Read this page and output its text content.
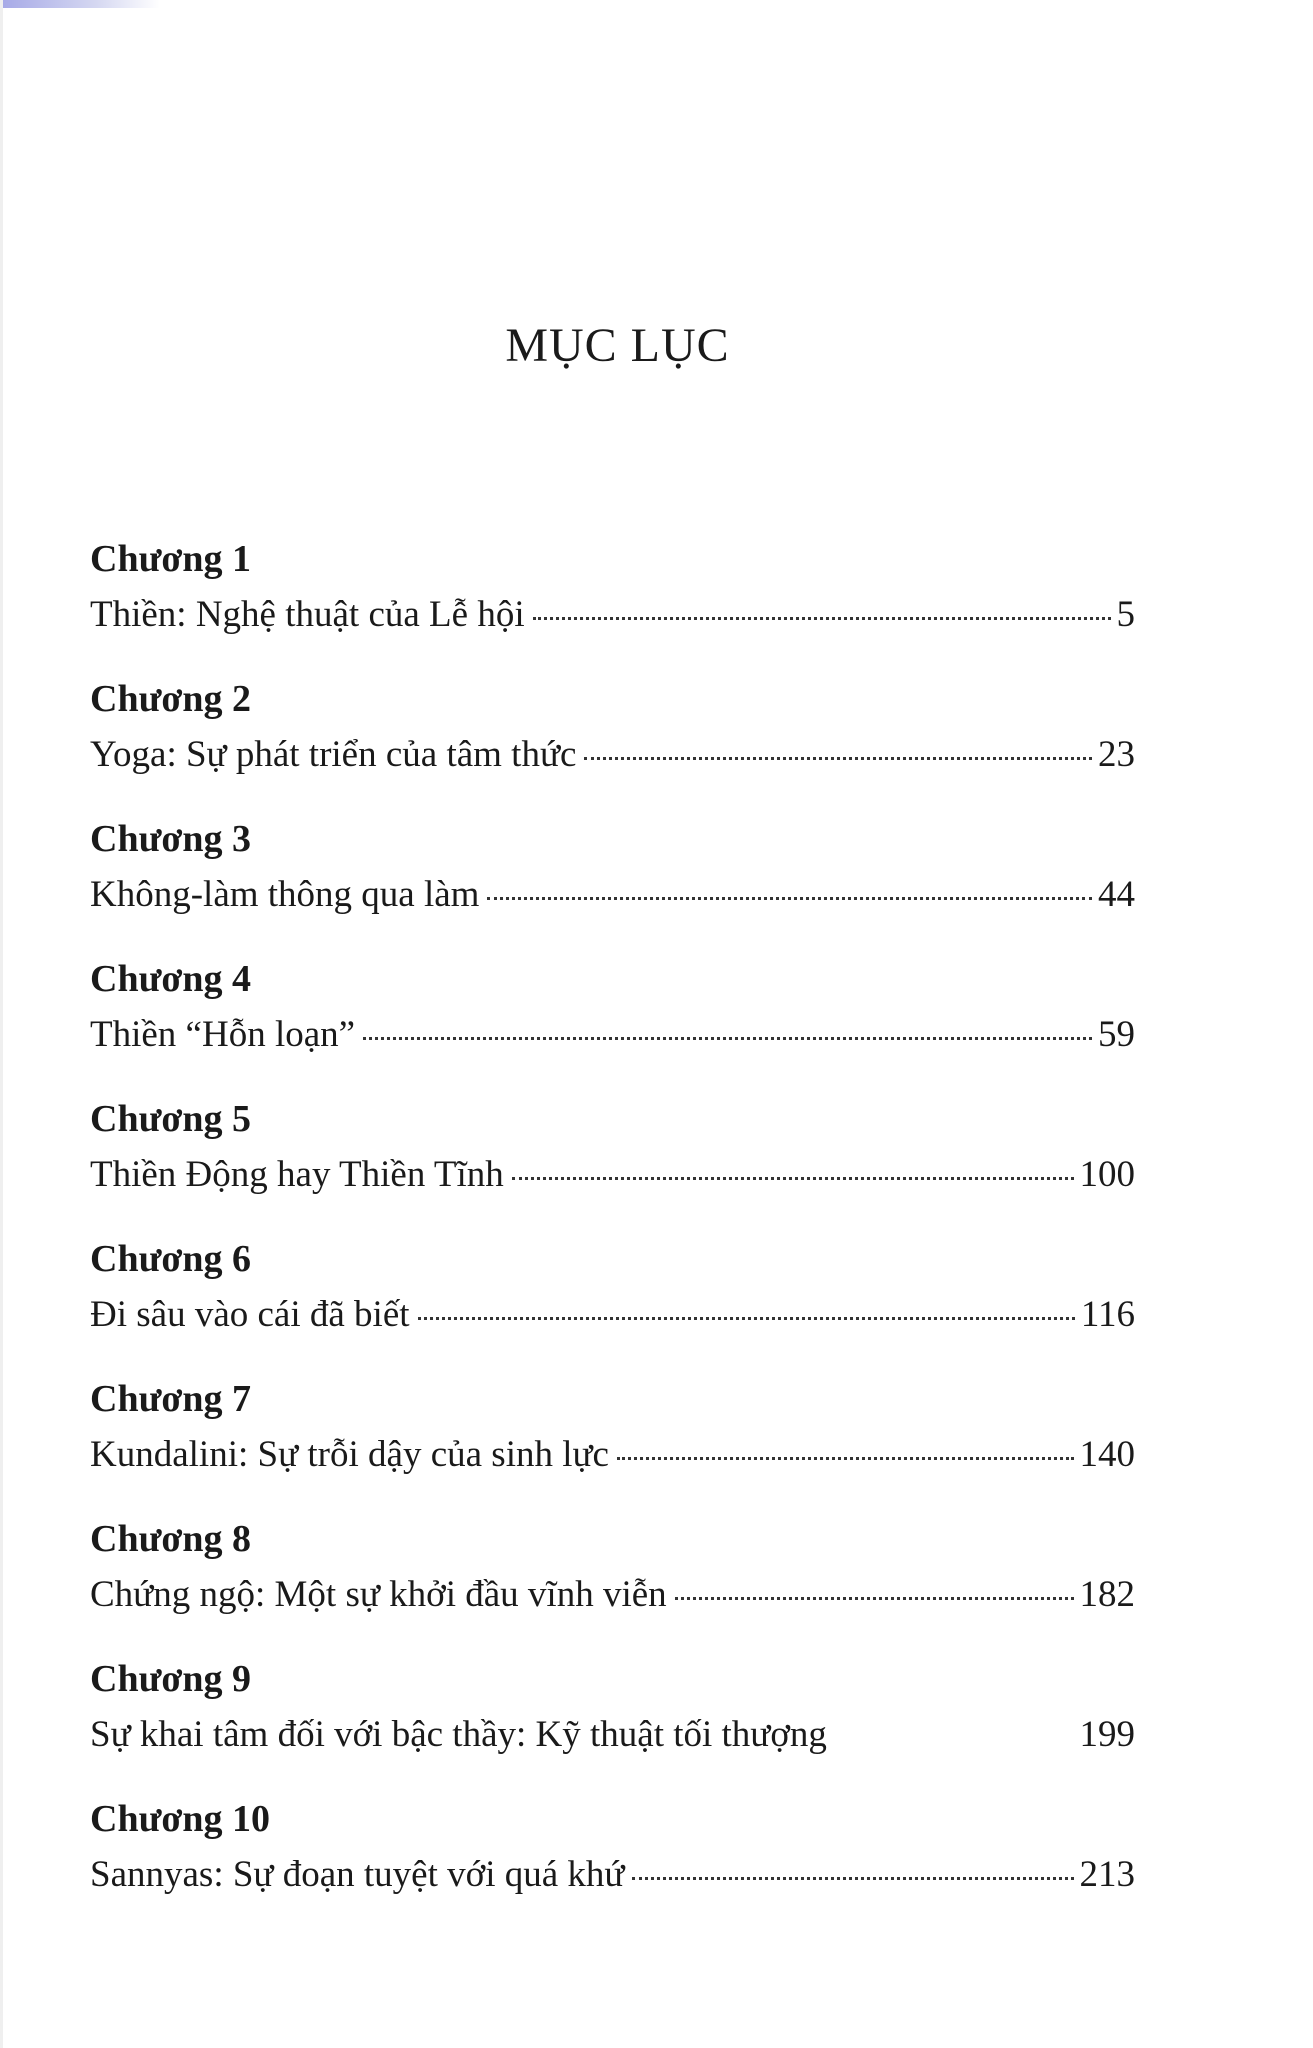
MỤC LỤC
Chương 1
Thiền: Nghệ thuật của Lễ hội	5
Chương 2
Yoga: Sự phát triển của tâm thức	23
Chương 3
Không-làm thông qua làm	44
Chương 4
Thiền “Hỗn loạn”	59
Chương 5
Thiền Động hay Thiền Tĩnh	100
Chương 6
Đi sâu vào cái đã biết	116
Chương 7
Kundalini: Sự trỗi dậy của sinh lực	140
Chương 8
Chứng ngộ: Một sự khởi đầu vĩnh viễn	182
Chương 9
Sự khai tâm đối với bậc thầy: Kỹ thuật tối thượng	199
Chương 10
Sannyas: Sự đoạn tuyệt với quá khứ	213
